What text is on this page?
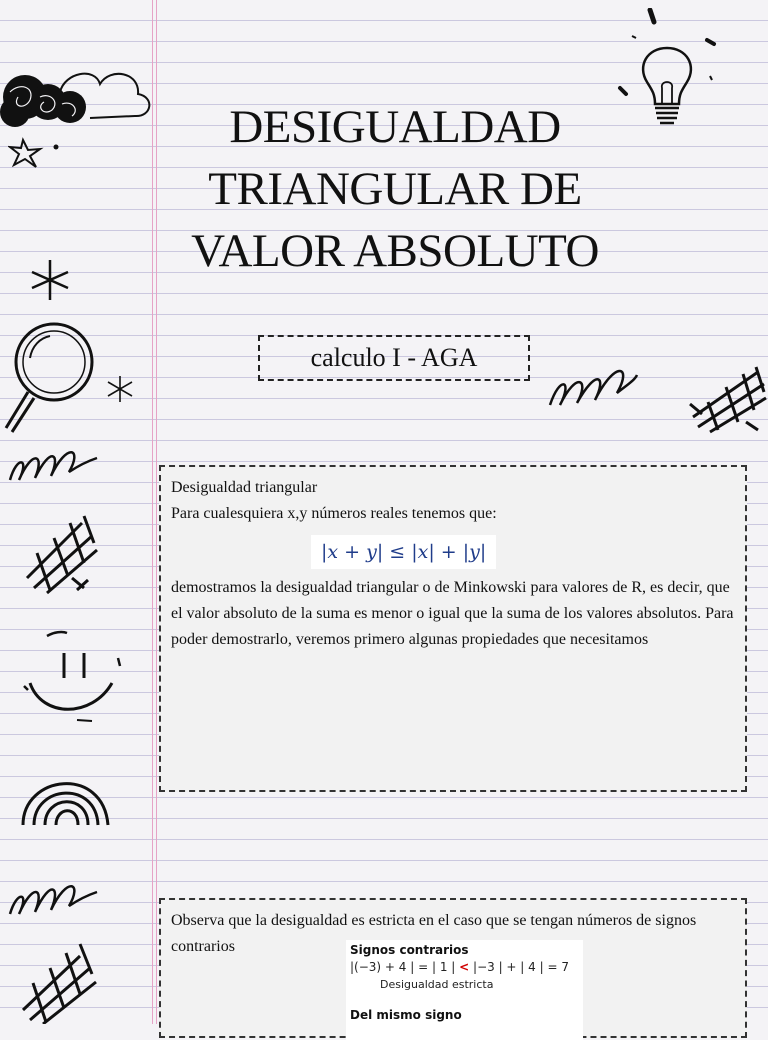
DESIGUALDAD TRIANGULAR DE VALOR ABSOLUTO
calculo I - AGA

Desigualdad triangular

Para cualesquiera x,y números reales tenemos que:

|x + y| ≤ |x| + |y|

demostramos la desigualdad triangular o de Minkowski para valores de R, es decir, que el valor absoluto de la suma es menor o igual que la suma de los valores absolutos. Para poder demostrarlo, veremos primero algunas propiedades que necesitamos

Observa que la desigualdad es estricta en el caso que se tengan números de signos contrarios	Signos contrarios
|(−3) + 4 | = | 1 | < |−3 | + | 4 | = 7
Desigualdad estricta
Del mismo signo
